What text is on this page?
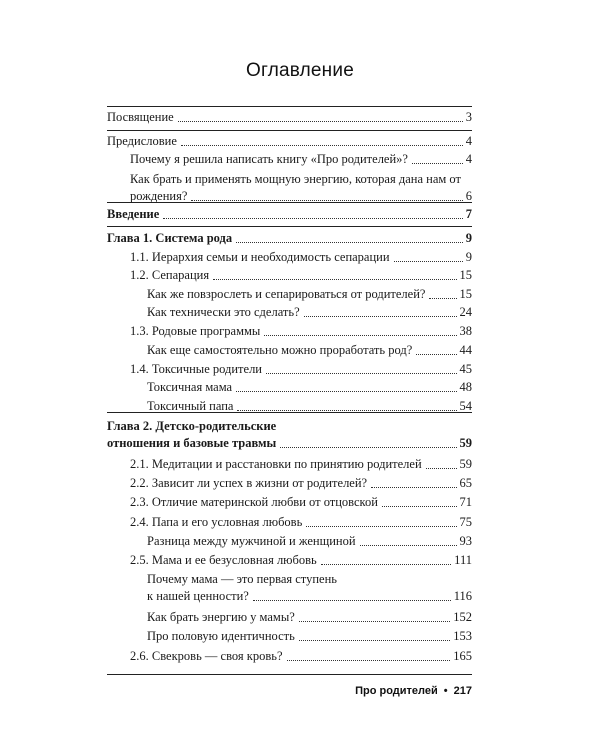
Оглавление
Посвящение	3
Предисловие	4
Почему я решила написать книгу «Про родителей»?	4
Как брать и применять мощную энергию, которая дана нам от
рождения?	6
Введение	7
Глава 1. Система рода	9
1.1. Иерархия семьи и необходимость сепарации	9
1.2. Сепарация	15
Как же повзрослеть и сепарироваться от родителей?	15
Как технически это сделать?	24
1.3. Родовые программы	38
Как еще самостоятельно можно проработать род?	44
1.4. Токсичные родители	45
Токсичная мама	48
Токсичный папа	54
Глава 2. Детско-родительские
отношения и базовые травмы	59
2.1. Медитации и расстановки по принятию родителей	59
2.2. Зависит ли успех в жизни от родителей?	65
2.3. Отличие материнской любви от отцовской	71
2.4. Папа и его условная любовь	75
Разница между мужчиной и женщиной	93
2.5. Мама и ее безусловная любовь	111
Почему мама — это первая ступень
к нашей ценности?	116
Как брать энергию у мамы?	152
Про половую идентичность	153
2.6. Свекровь — своя кровь?	165
Про родителей • 217
